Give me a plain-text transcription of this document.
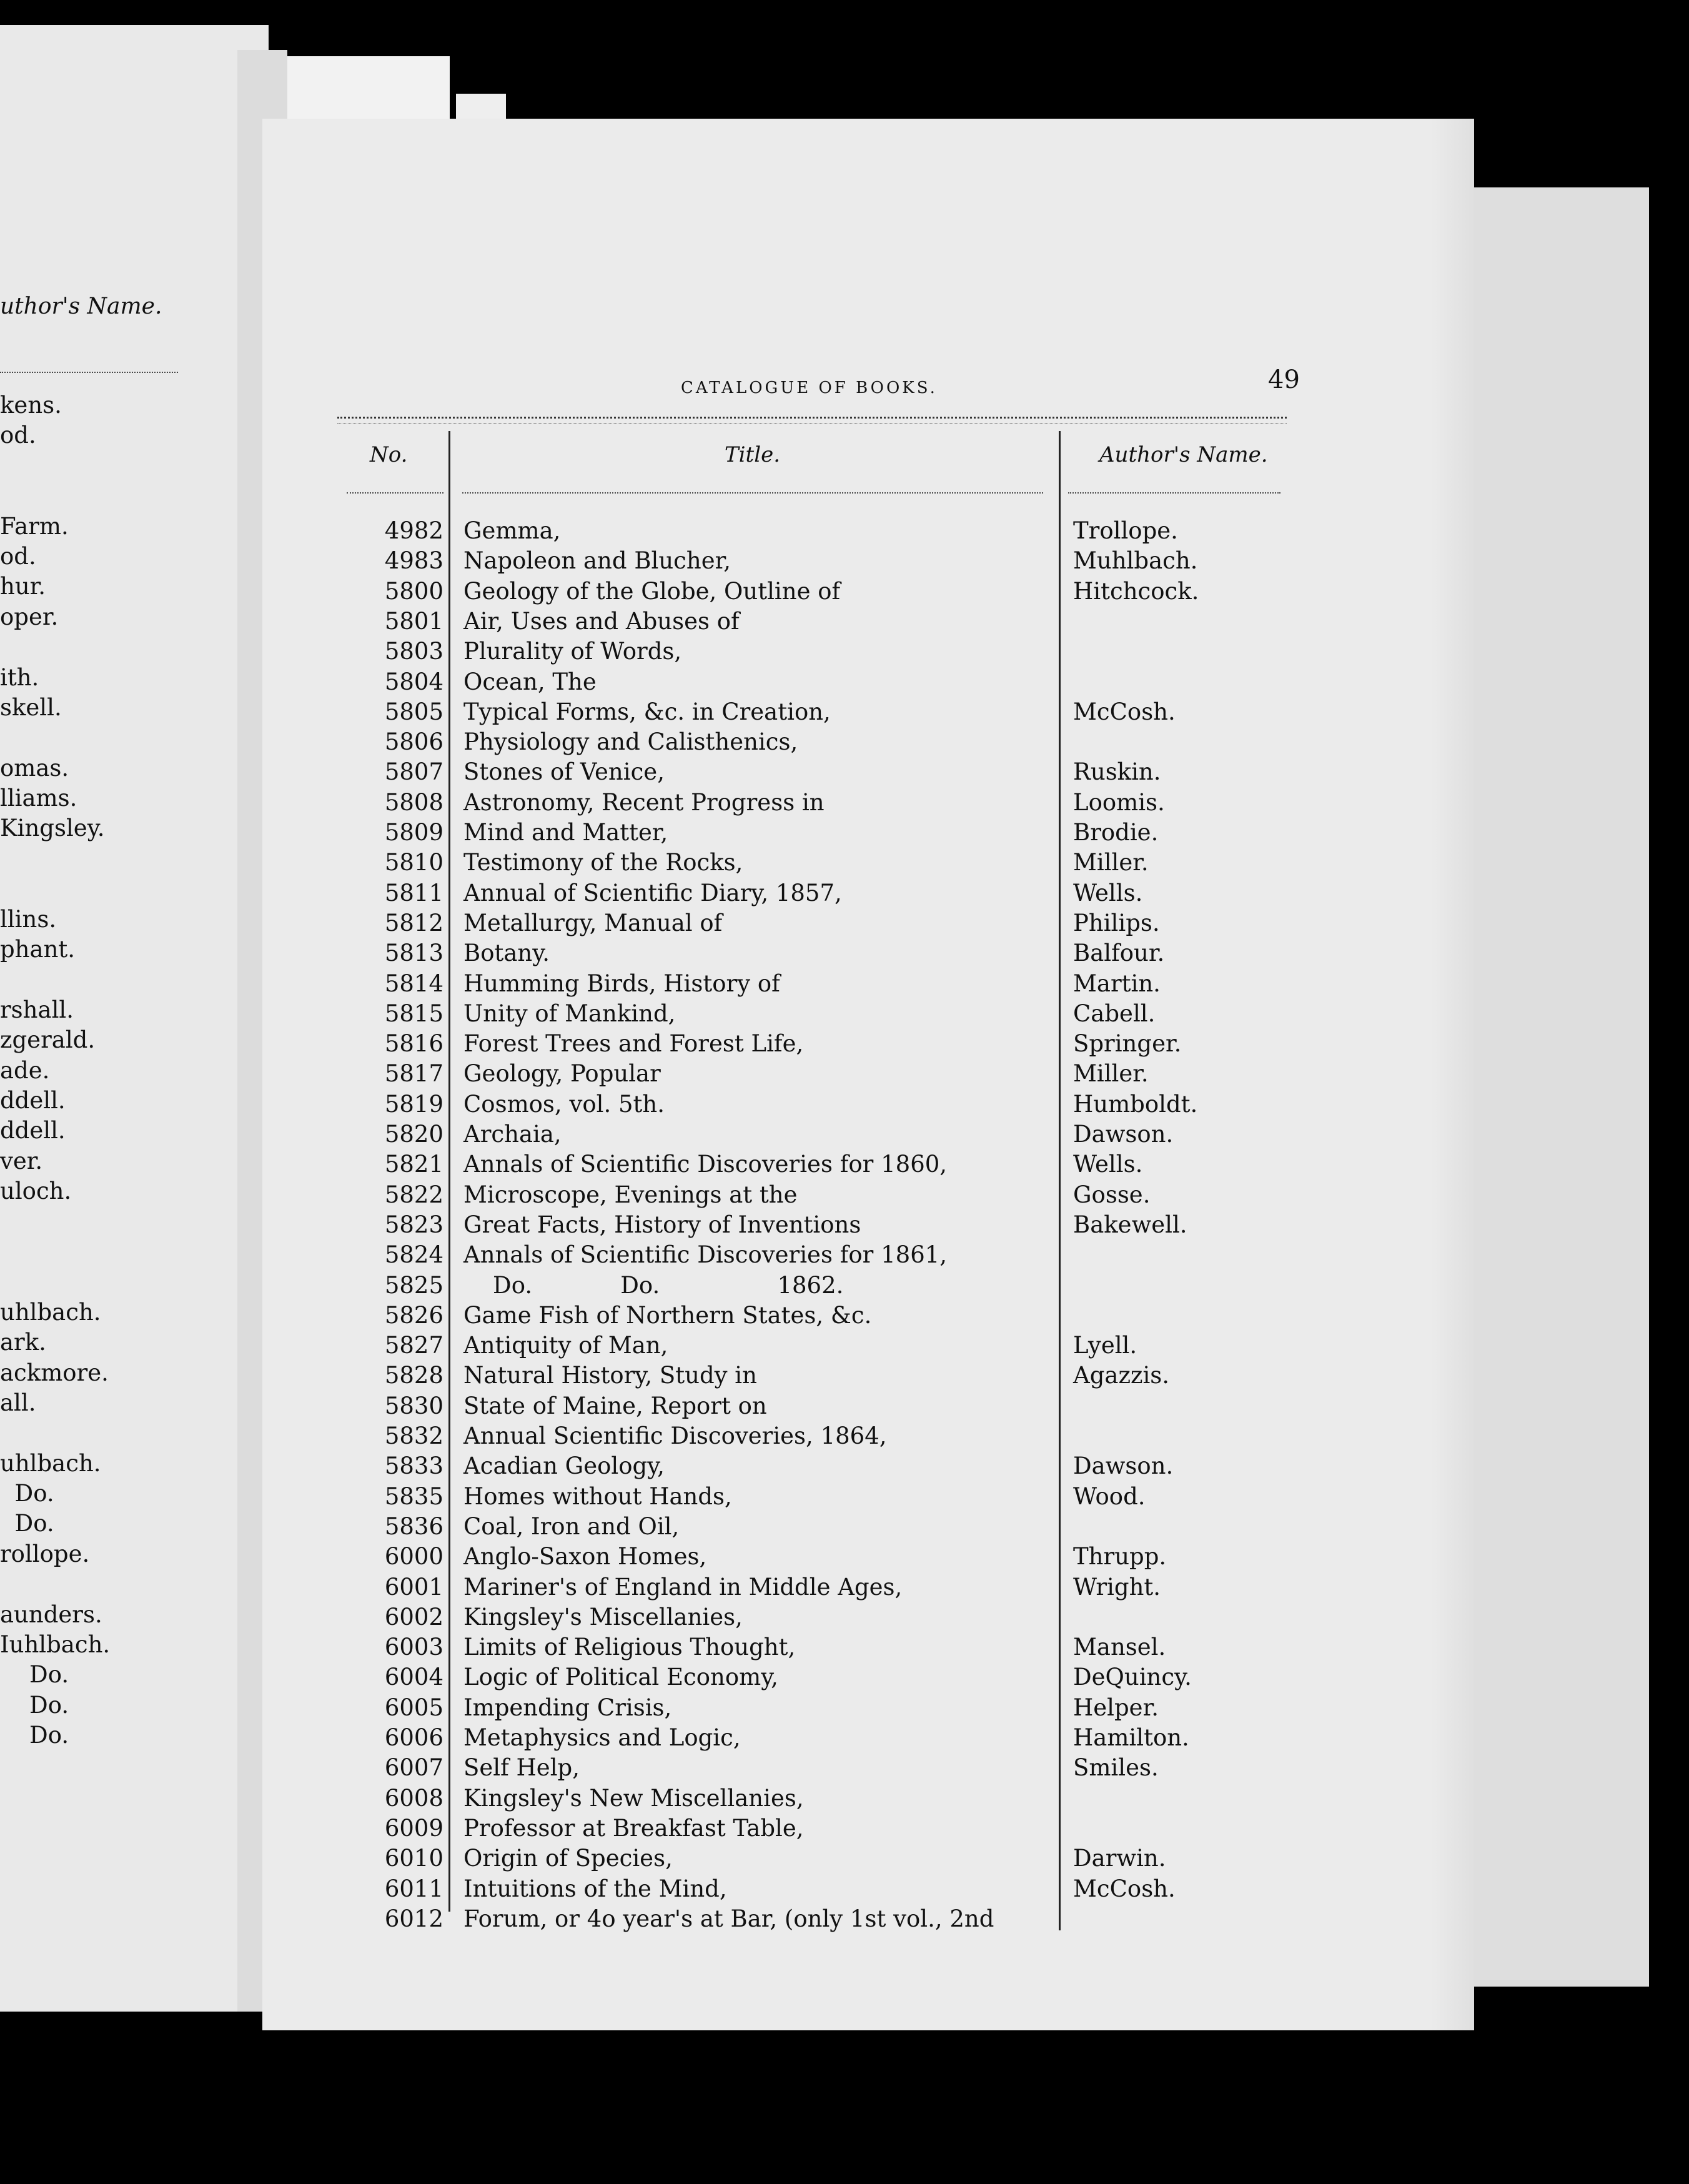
uthor's Name.
kens.
od.
Farm.
od.
hur.
oper.
ith.
skell.
omas.
lliams.
Kingsley.
llins.
phant.
rshall.
zgerald.
ade.
ddell.
ddell.
ver.
uloch.
uhlbach.
ark.
ackmore.
all.
uhlbach.
Do.
Do.
rollope.
aunders.
Iuhlbach.
Do.
Do.
Do.
CATALOGUE OF BOOKS.	49
No.	Title.	Author's Name.
4982 Gemma,	Trollope.
4983 Napoleon and Blucher,	Muhlbach.
5800 Geology of the Globe, Outline of	Hitchcock.
5801 Air, Uses and Abuses of
5803 Plurality of Words,
5804 Ocean, The
5805 Typical Forms, &c. in Creation,	McCosh.
5806 Physiology and Calisthenics,
5807 Stones of Venice,	Ruskin.
5808 Astronomy, Recent Progress in	Loomis.
5809 Mind and Matter,	Brodie.
5810 Testimony of the Rocks,	Miller.
5811 Annual of Scientific Diary, 1857,	Wells.
5812 Metallurgy, Manual of	Philips.
5813 Botany.	Balfour.
5814 Humming Birds, History of	Martin.
5815 Unity of Mankind,	Cabell.
5816 Forest Trees and Forest Life,	Springer.
5817 Geology, Popular	Miller.
5819 Cosmos, vol. 5th.	Humboldt.
5820 Archaia,	Dawson.
5821 Annals of Scientific Discoveries for 1860,	Wells.
5822 Microscope, Evenings at the	Gosse.
5823 Great Facts, History of Inventions	Bakewell.
5824 Annals of Scientific Discoveries for 1861,
5825 Do.            Do.                1862.
5826 Game Fish of Northern States, &c.
5827 Antiquity of Man,	Lyell.
5828 Natural History, Study in	Agazzis.
5830 State of Maine, Report on
5832 Annual Scientific Discoveries, 1864,
5833 Acadian Geology,	Dawson.
5835 Homes without Hands,	Wood.
5836 Coal, Iron and Oil,
6000 Anglo-Saxon Homes,	Thrupp.
6001 Mariner's of England in Middle Ages,	Wright.
6002 Kingsley's Miscellanies,
6003 Limits of Religious Thought,	Mansel.
6004 Logic of Political Economy,	DeQuincy.
6005 Impending Crisis,	Helper.
6006 Metaphysics and Logic,	Hamilton.
6007 Self Help,	Smiles.
6008 Kingsley's New Miscellanies,
6009 Professor at Breakfast Table,
6010 Origin of Species,	Darwin.
6011 Intuitions of the Mind,	McCosh.
6012 Forum, or 4o year's at Bar, (only 1st vol., 2nd
